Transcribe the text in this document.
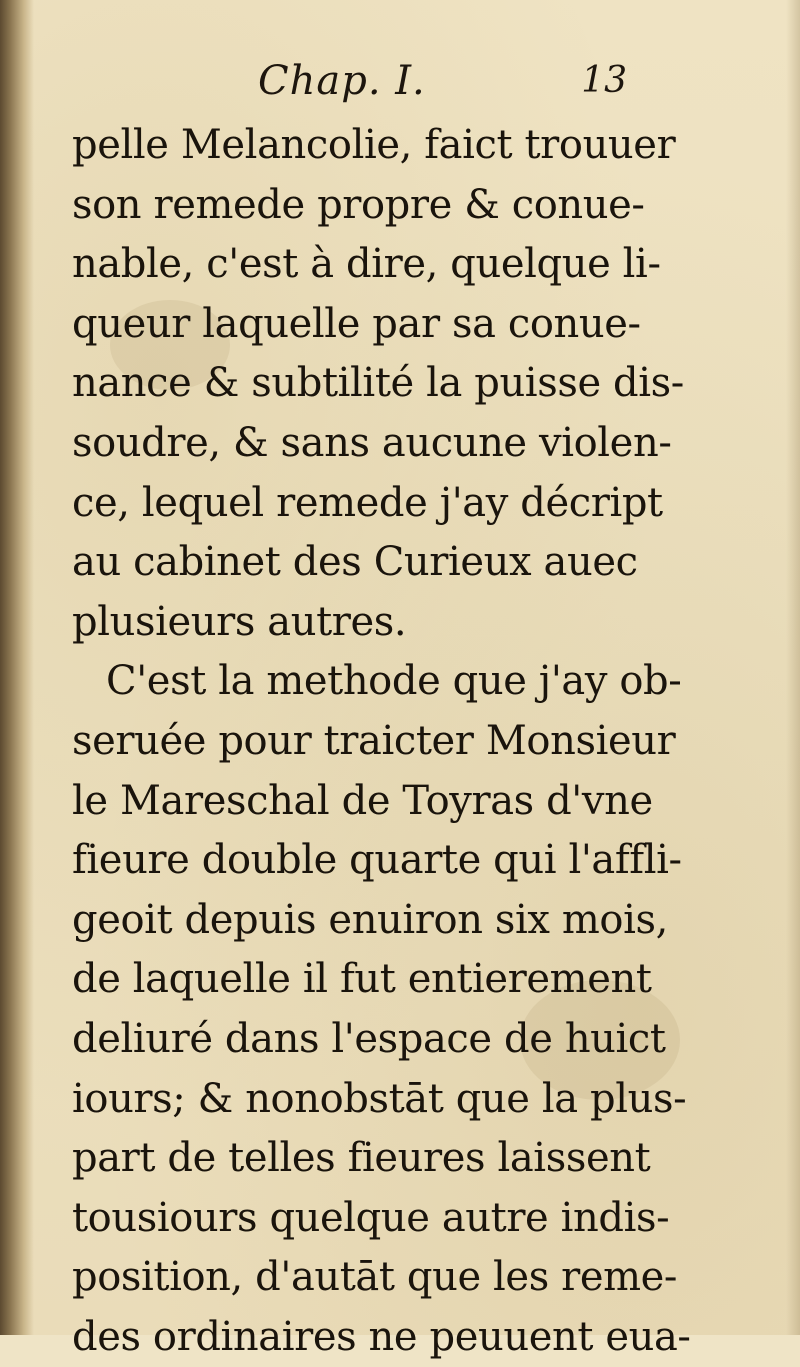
Chap. I.	13
pelle Melancolie, faict trouuer
son remede propre & conue-
nable, c'est à dire, quelque li-
queur laquelle par sa conue-
nance & subtilité la puisse dis-
soudre, & sans aucune violen-
ce, lequel remede j'ay décript
au cabinet des Curieux auec
plusieurs autres.
C'est la methode que j'ay ob-
seruée pour traicter Monsieur
le Mareschal de Toyras d'vne
fieure double quarte qui l'affli-
geoit depuis enuiron six mois,
de laquelle il fut entierement
deliuré dans l'espace de huict
iours; & nonobstāt que la plus-
part de telles fieures laissent
tousiours quelque autre indis-
position, d'autāt que les reme-
des ordinaires ne peuuent eua-
